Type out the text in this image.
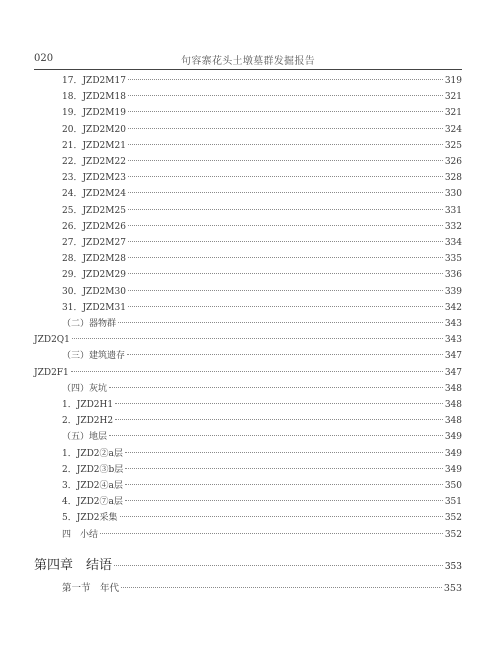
020	句容寨花头土墩墓群发掘报告
17．JZD2M17	319
18．JZD2M18	321
19．JZD2M19	321
20．JZD2M20	324
21．JZD2M21	325
22．JZD2M22	326
23．JZD2M23	328
24．JZD2M24	330
25．JZD2M25	331
26．JZD2M26	332
27．JZD2M27	334
28．JZD2M28	335
29．JZD2M29	336
30．JZD2M30	339
31．JZD2M31	342
（二）器物群	343
JZD2Q1	343
（三）建筑遗存	347
JZD2F1	347
（四）灰坑	348
1．JZD2H1	348
2．JZD2H2	348
（五）地层	349
1．JZD2②a层	349
2．JZD2③b层	349
3．JZD2④a层	350
4．JZD2⑦a层	351
5．JZD2采集	352
四　小结	352
第四章　结语	353
第一节　年代	353
